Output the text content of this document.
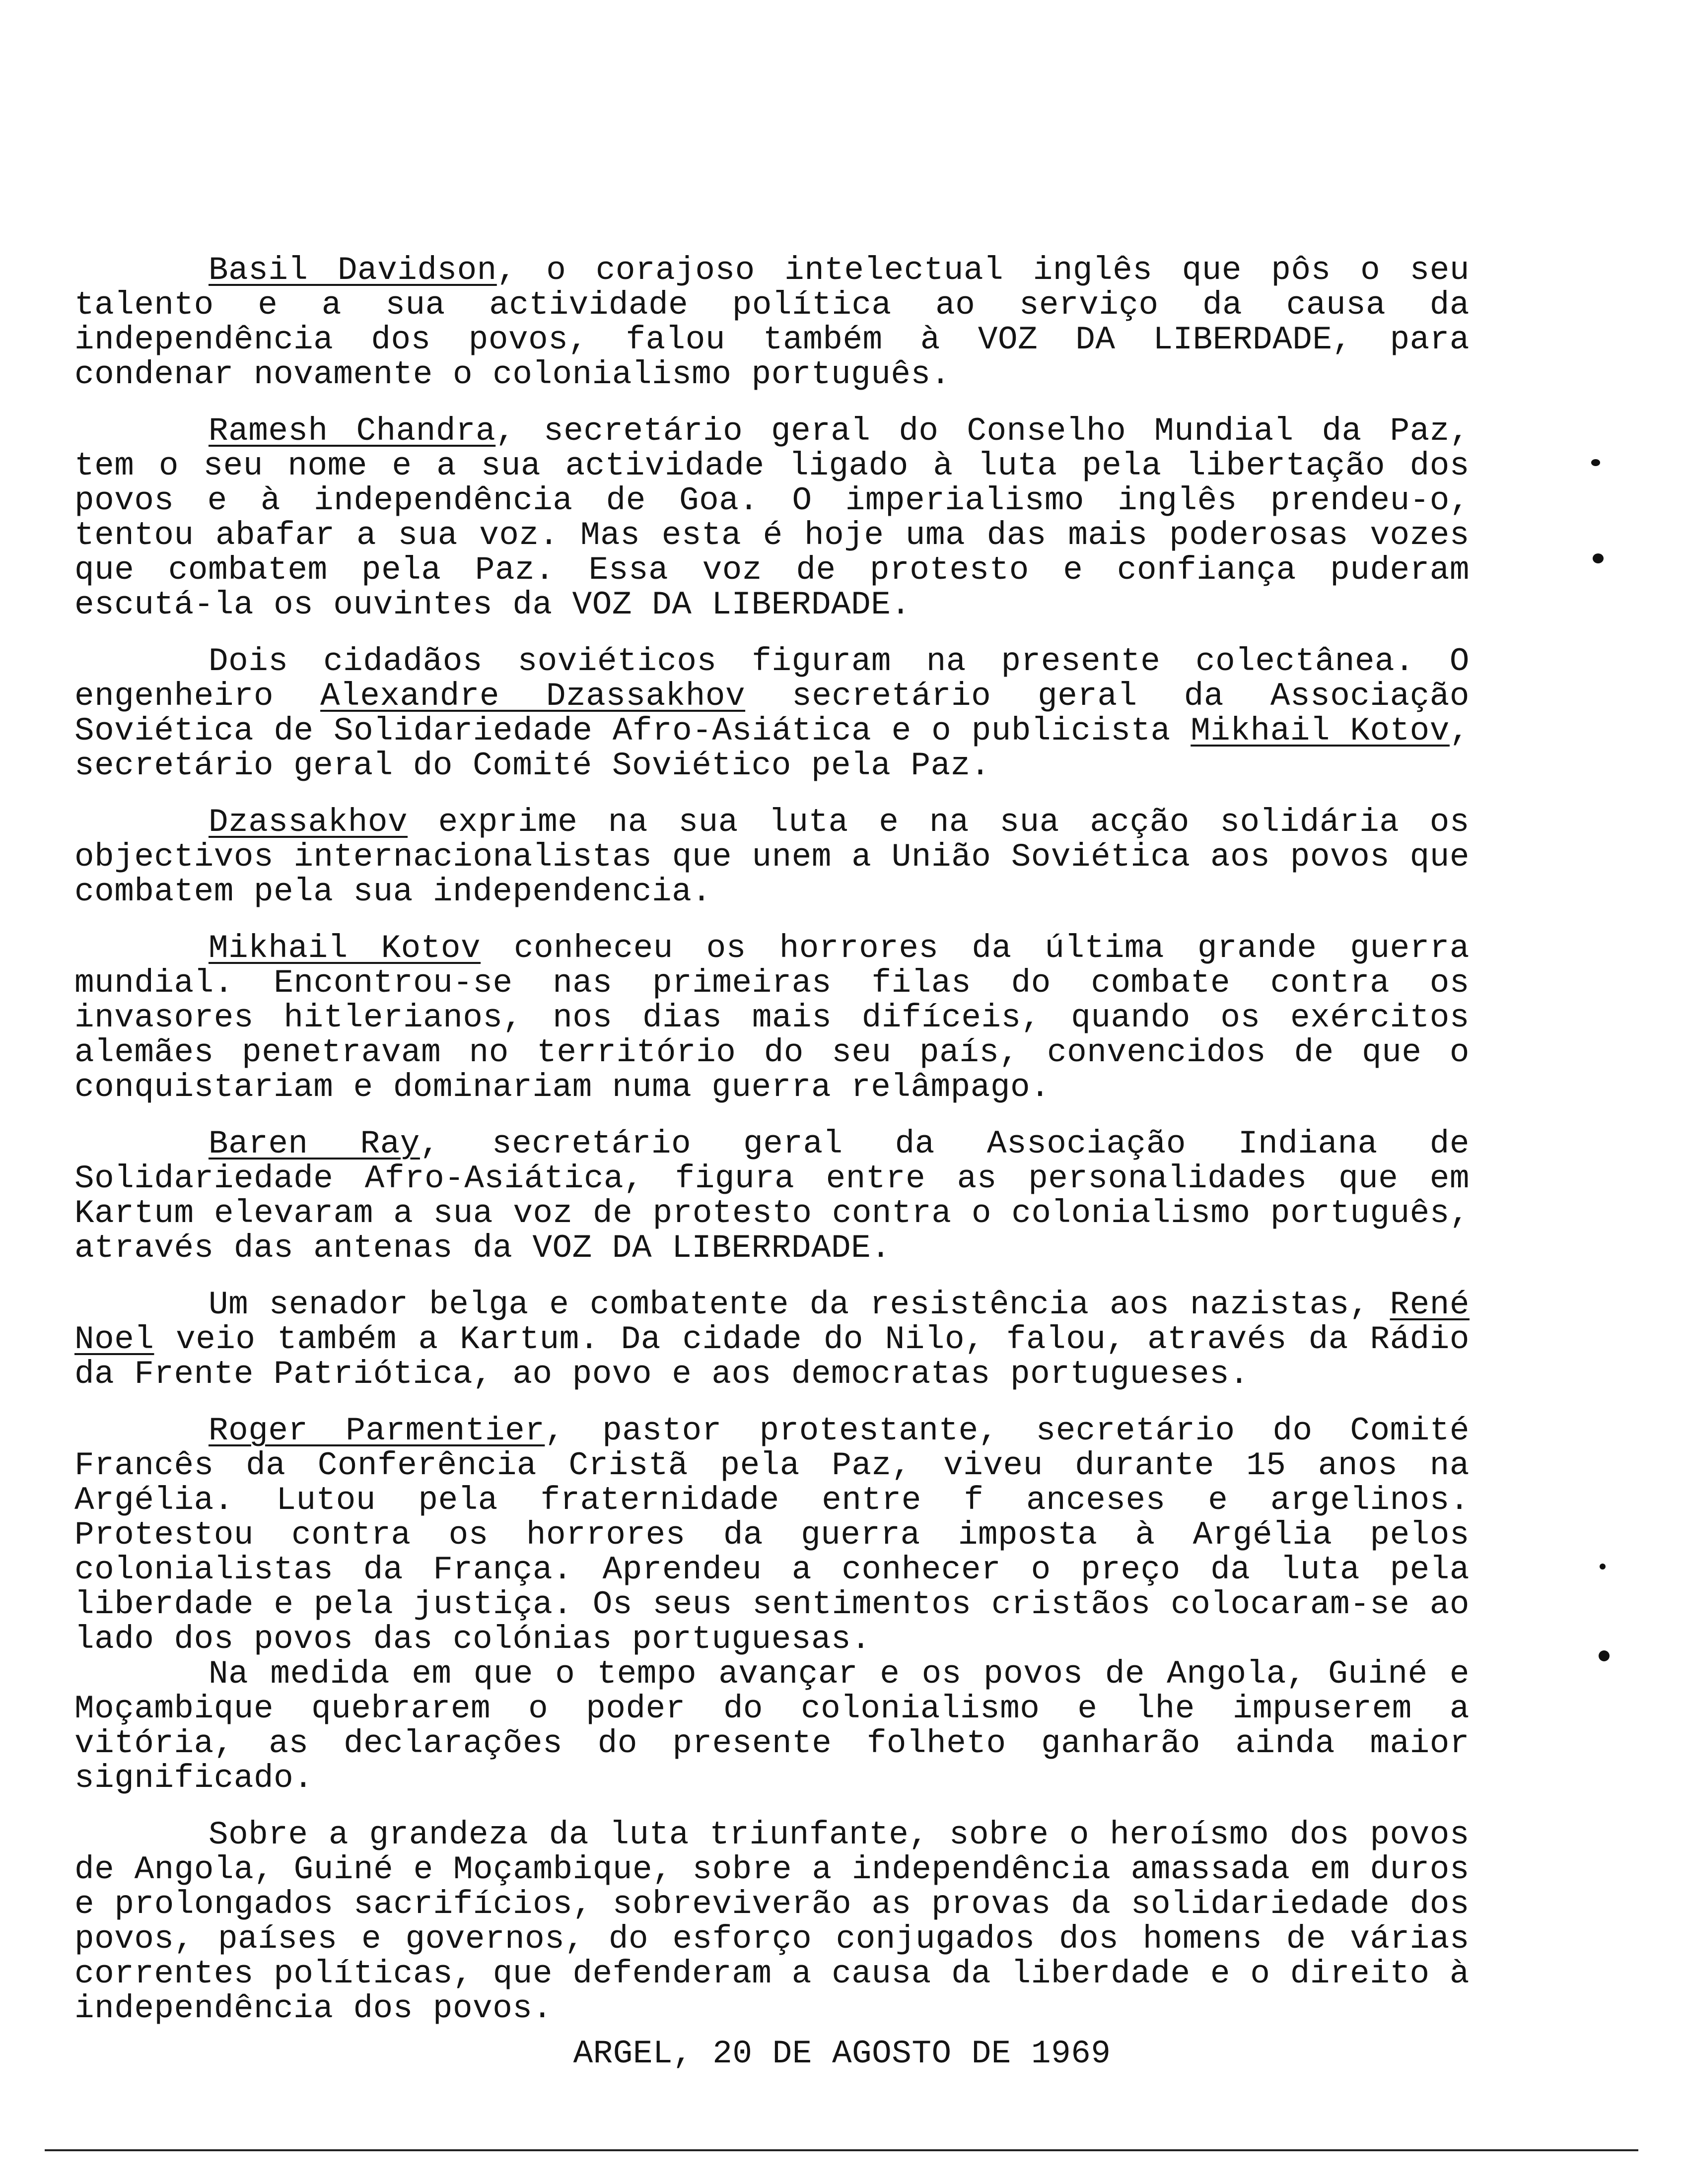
Basil Davidson, o corajoso intelectual inglês que pôs o seu talento e a sua actividade política ao serviço da causa da independência dos povos, falou também à VOZ DA LIBERDADE, para condenar novamente o colonialismo português.

Ramesh Chandra, secretário geral do Conselho Mundial da Paz, tem o seu nome e a sua actividade ligado à luta pela libertação dos povos e à independência de Goa. O imperialismo inglês prendeu-o, tentou abafar a sua voz. Mas esta é hoje uma das mais poderosas vozes que combatem pela Paz. Essa voz de protesto e confiança puderam escutá-la os ouvintes da VOZ DA LIBERDADE.

Dois cidadãos soviéticos figuram na presente colectânea. O engenheiro Alexandre Dzassakhov secretário geral da Associação Soviética de Solidariedade Afro-Asiática e o publicista Mikhail Kotov, secretário geral do Comité Soviético pela Paz.

Dzassakhov exprime na sua luta e na sua acção solidária os objectivos internacionalistas que unem a União Soviética aos povos que combatem pela sua independencia.

Mikhail Kotov conheceu os horrores da última grande guerra mundial. Encontrou-se nas primeiras filas do combate contra os invasores hitlerianos, nos dias mais difíceis, quando os exércitos alemães penetravam no território do seu país, convencidos de que o conquistariam e dominariam numa guerra relâmpago.

Baren Ray, secretário geral da Associação Indiana de Solidariedade Afro-Asiática, figura entre as personalidades que em Kartum elevaram a sua voz de protesto contra o colonialismo português, através das antenas da VOZ DA LIBERRDADE.

Um senador belga e combatente da resistência aos nazistas, René Noel veio também a Kartum. Da cidade do Nilo, falou, através da Rádio da Frente Patriótica, ao povo e aos democratas portugueses.

Roger Parmentier, pastor protestante, secretário do Comité Francês da Conferência Cristã pela Paz, viveu durante 15 anos na Argélia. Lutou pela fraternidade entre f anceses e argelinos. Protestou contra os horrores da guerra imposta à Argélia pelos colonialistas da França. Aprendeu a conhecer o preço da luta pela liberdade e pela justiça. Os seus sentimentos cristãos colocaram-se ao lado dos povos das colónias portuguesas.

Na medida em que o tempo avançar e os povos de Angola, Guiné e Moçambique quebrarem o poder do colonialismo e lhe impuserem a vitória, as declarações do presente folheto ganharão ainda maior significado.

Sobre a grandeza da luta triunfante, sobre o heroísmo dos povos de Angola, Guiné e Moçambique, sobre a independência amassada em duros e prolongados sacrifícios, sobreviverão as provas da solidariedade dos povos, países e governos, do esforço conjugados dos homens de várias correntes políticas, que defenderam a causa da liberdade e o direito à independência dos povos.

ARGEL, 20 DE AGOSTO DE 1969
